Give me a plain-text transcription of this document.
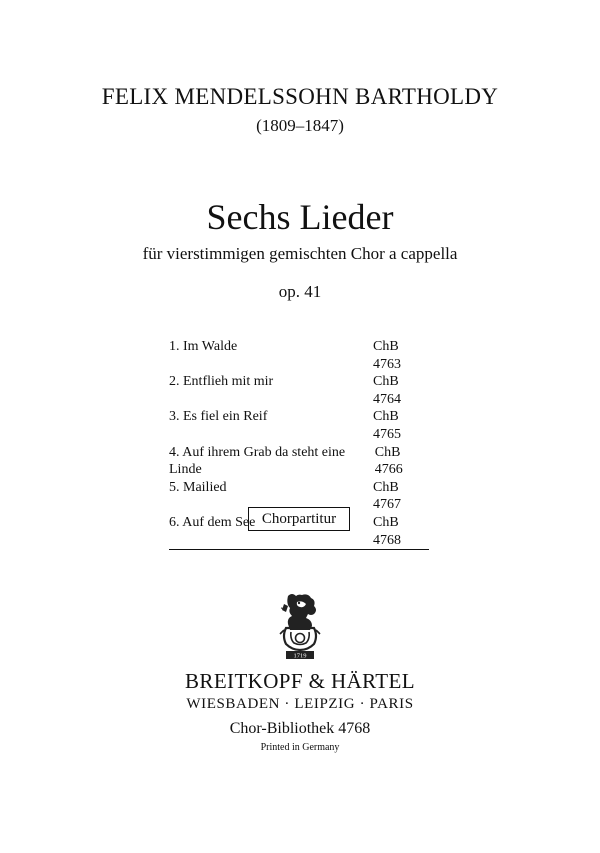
FELIX MENDELSSOHN BARTHOLDY
(1809–1847)
Sechs Lieder
für vierstimmigen gemischten Chor a cappella
op. 41
1. Im Walde	ChB 4763
2. Entflieh mit mir	ChB 4764
3. Es fiel ein Reif	ChB 4765
4. Auf ihrem Grab da steht eine Linde
ChB 4766
5. Mailied	ChB 4767
6. Auf dem See	ChB 4768
Chorpartitur
1719
BREITKOPF & HÄRTEL
WIESBADEN · LEIPZIG · PARIS
Chor-Bibliothek 4768
Printed in Germany
